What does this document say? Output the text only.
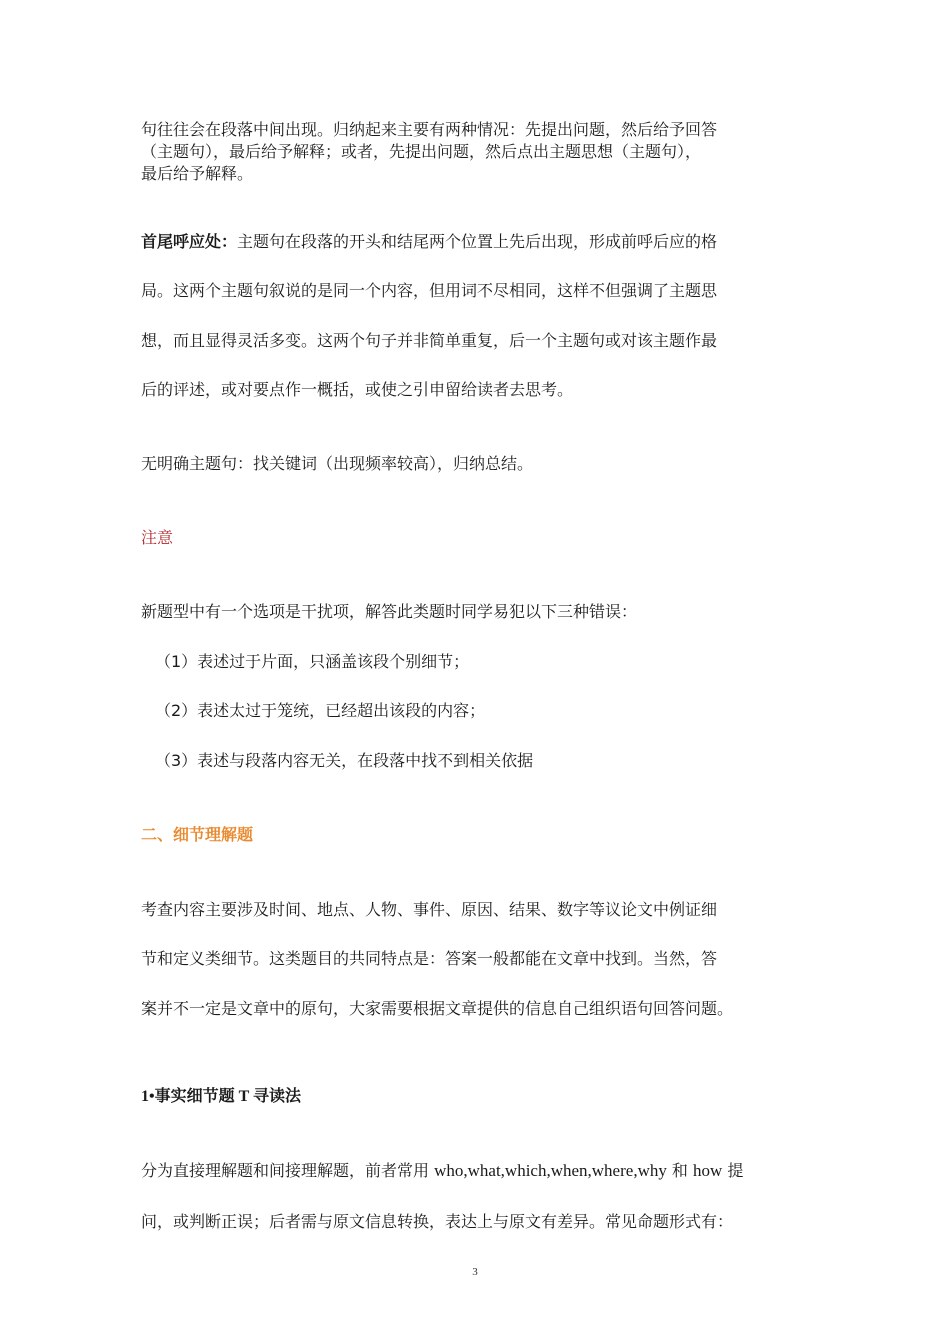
句往往会在段落中间出现。归纳起来主要有两种情况：先提出问题，然后给予回答
（主题句），最后给予解释；或者，先提出问题，然后点出主题思想（主题句），
最后给予解释。
首尾呼应处：主题句在段落的开头和结尾两个位置上先后出现，形成前呼后应的格
局。这两个主题句叙说的是同一个内容，但用词不尽相同，这样不但强调了主题思
想，而且显得灵活多变。这两个句子并非简单重复，后一个主题句或对该主题作最
后的评述，或对要点作一概括，或使之引申留给读者去思考。
无明确主题句：找关键词（出现频率较高），归纳总结。
注意
新题型中有一个选项是干扰项，解答此类题时同学易犯以下三种错误：
（1）表述过于片面，只涵盖该段个别细节；
（2）表述太过于笼统，已经超出该段的内容；
（3）表述与段落内容无关，在段落中找不到相关依据
二、细节理解题
考查内容主要涉及时间、地点、人物、事件、原因、结果、数字等议论文中例证细
节和定义类细节。这类题目的共同特点是：答案一般都能在文章中找到。当然，答
案并不一定是文章中的原句，大家需要根据文章提供的信息自己组织语句回答问题。
1•事实细节题 T 寻读法
分为直接理解题和间接理解题，前者常用 who,what,which,when,where,why 和 how 提
问，或判断正误；后者需与原文信息转换，表达上与原文有差异。常见命题形式有：
3
